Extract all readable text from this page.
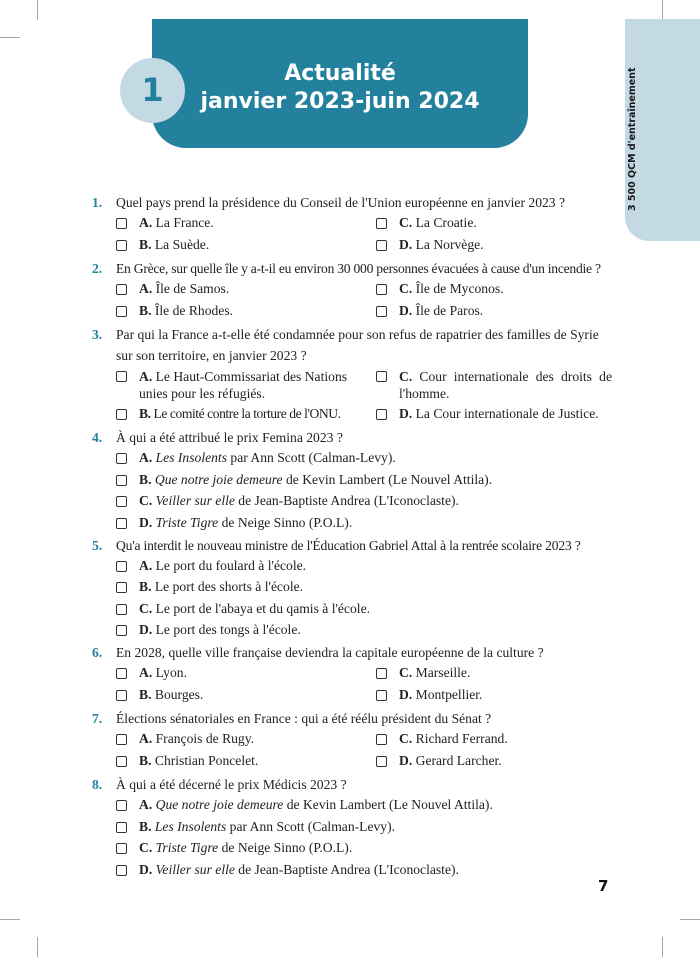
Actualité
janvier 2023-juin 2024
1	3 500 QCM d'entraînement
1.	Quel pays prend la présidence du Conseil de l'Union européenne en janvier 2023 ?
A. La France.	C. La Croatie.
B. La Suède.	D. La Norvège.
2.	En Grèce, sur quelle île y a-t-il eu environ 30 000 personnes évacuées à cause d'un incendie ?
A. Île de Samos.	C. Île de Myconos.
B. Île de Rhodes.	D. Île de Paros.
3.	Par qui la France a-t-elle été condamnée pour son refus de rapatrier des familles de Syrie sur son territoire, en janvier 2023 ?
A. Le Haut-Commissariat des Nations unies pour les réfugiés.
C. Cour internationale des droits de l'homme.
B. Le comité contre la torture de l'ONU.	D. La Cour internationale de Justice.
4.	À qui a été attribué le prix Femina 2023 ?
A. Les Insolents par Ann Scott (Calman-Levy).
B. Que notre joie demeure de Kevin Lambert (Le Nouvel Attila).
C. Veiller sur elle de Jean-Baptiste Andrea (L'Iconoclaste).
D. Triste Tigre de Neige Sinno (P.O.L).
5.	Qu'a interdit le nouveau ministre de l'Éducation Gabriel Attal à la rentrée scolaire 2023 ?
A. Le port du foulard à l'école.
B. Le port des shorts à l'école.
C. Le port de l'abaya et du qamis à l'école.
D. Le port des tongs à l'école.
6.	En 2028, quelle ville française deviendra la capitale européenne de la culture ?
A. Lyon.	C. Marseille.
B. Bourges.	D. Montpellier.
7.	Élections sénatoriales en France : qui a été réélu président du Sénat ?
A. François de Rugy.	C. Richard Ferrand.
B. Christian Poncelet.	D. Gerard Larcher.
8.	À qui a été décerné le prix Médicis 2023 ?
A. Que notre joie demeure de Kevin Lambert (Le Nouvel Attila).
B. Les Insolents par Ann Scott (Calman-Levy).
C. Triste Tigre de Neige Sinno (P.O.L).
D. Veiller sur elle de Jean-Baptiste Andrea (L'Iconoclaste).
7
